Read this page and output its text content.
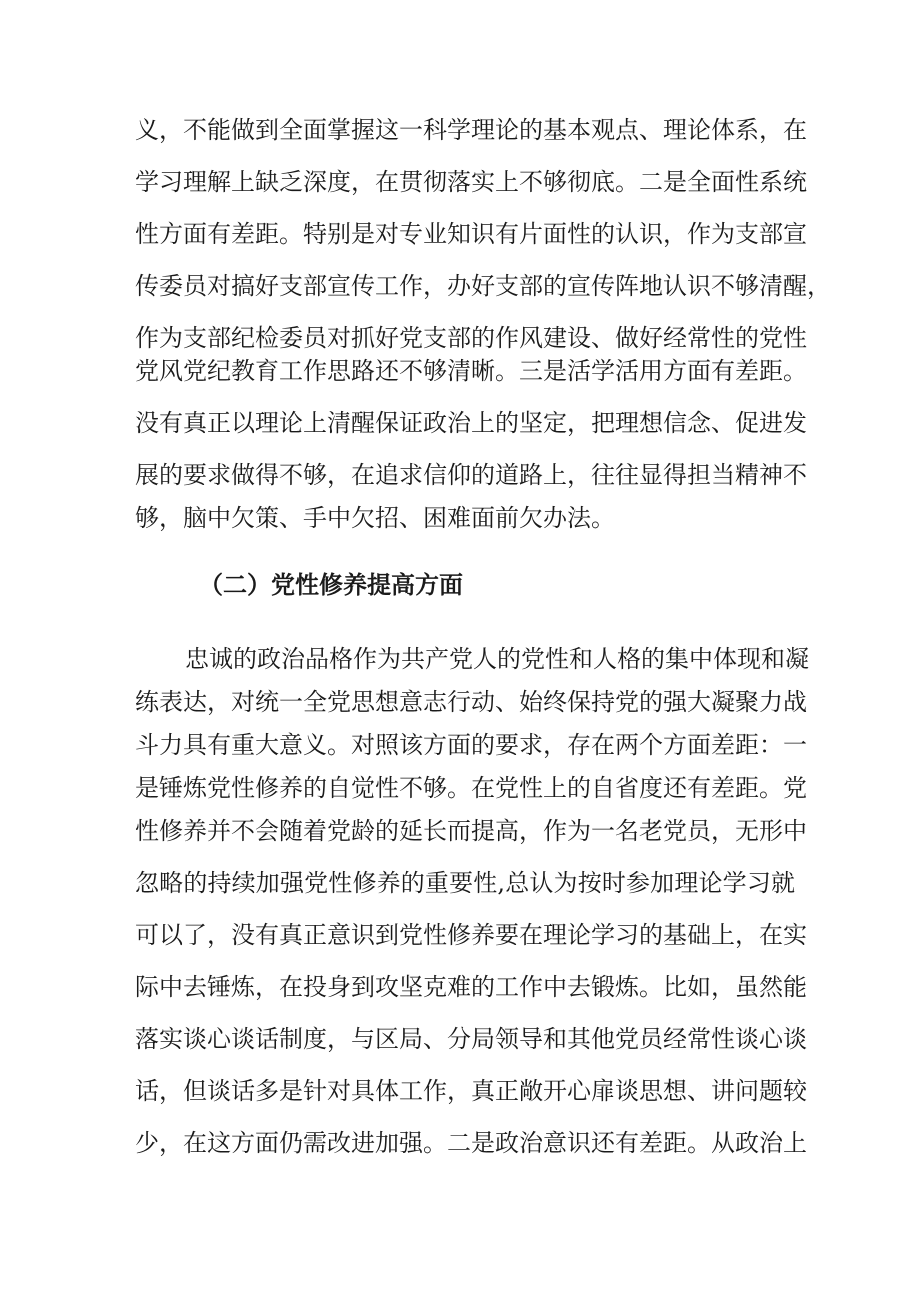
义，不能做到全面掌握这一科学理论的基本观点、理论体系，在
学习理解上缺乏深度，在贯彻落实上不够彻底。二是全面性系统
性方面有差距。特别是对专业知识有片面性的认识，作为支部宣
传委员对搞好支部宣传工作，办好支部的宣传阵地认识不够清醒，
作为支部纪检委员对抓好党支部的作风建设、做好经常性的党性
党风党纪教育工作思路还不够清晰。三是活学活用方面有差距。
没有真正以理论上清醒保证政治上的坚定，把理想信念、促进发
展的要求做得不够，在追求信仰的道路上，往往显得担当精神不
够，脑中欠策、手中欠招、困难面前欠办法。
（二）党性修养提高方面
忠诚的政治品格作为共产党人的党性和人格的集中体现和凝
练表达，对统一全党思想意志行动、始终保持党的强大凝聚力战
斗力具有重大意义。对照该方面的要求，存在两个方面差距：一
是锤炼党性修养的自觉性不够。在党性上的自省度还有差距。党
性修养并不会随着党龄的延长而提高，作为一名老党员，无形中
忽略的持续加强党性修养的重要性,总认为按时参加理论学习就
可以了，没有真正意识到党性修养要在理论学习的基础上，在实
际中去锤炼，在投身到攻坚克难的工作中去锻炼。比如，虽然能
落实谈心谈话制度，与区局、分局领导和其他党员经常性谈心谈
话，但谈话多是针对具体工作，真正敞开心扉谈思想、讲问题较
少，在这方面仍需改进加强。二是政治意识还有差距。从政治上
